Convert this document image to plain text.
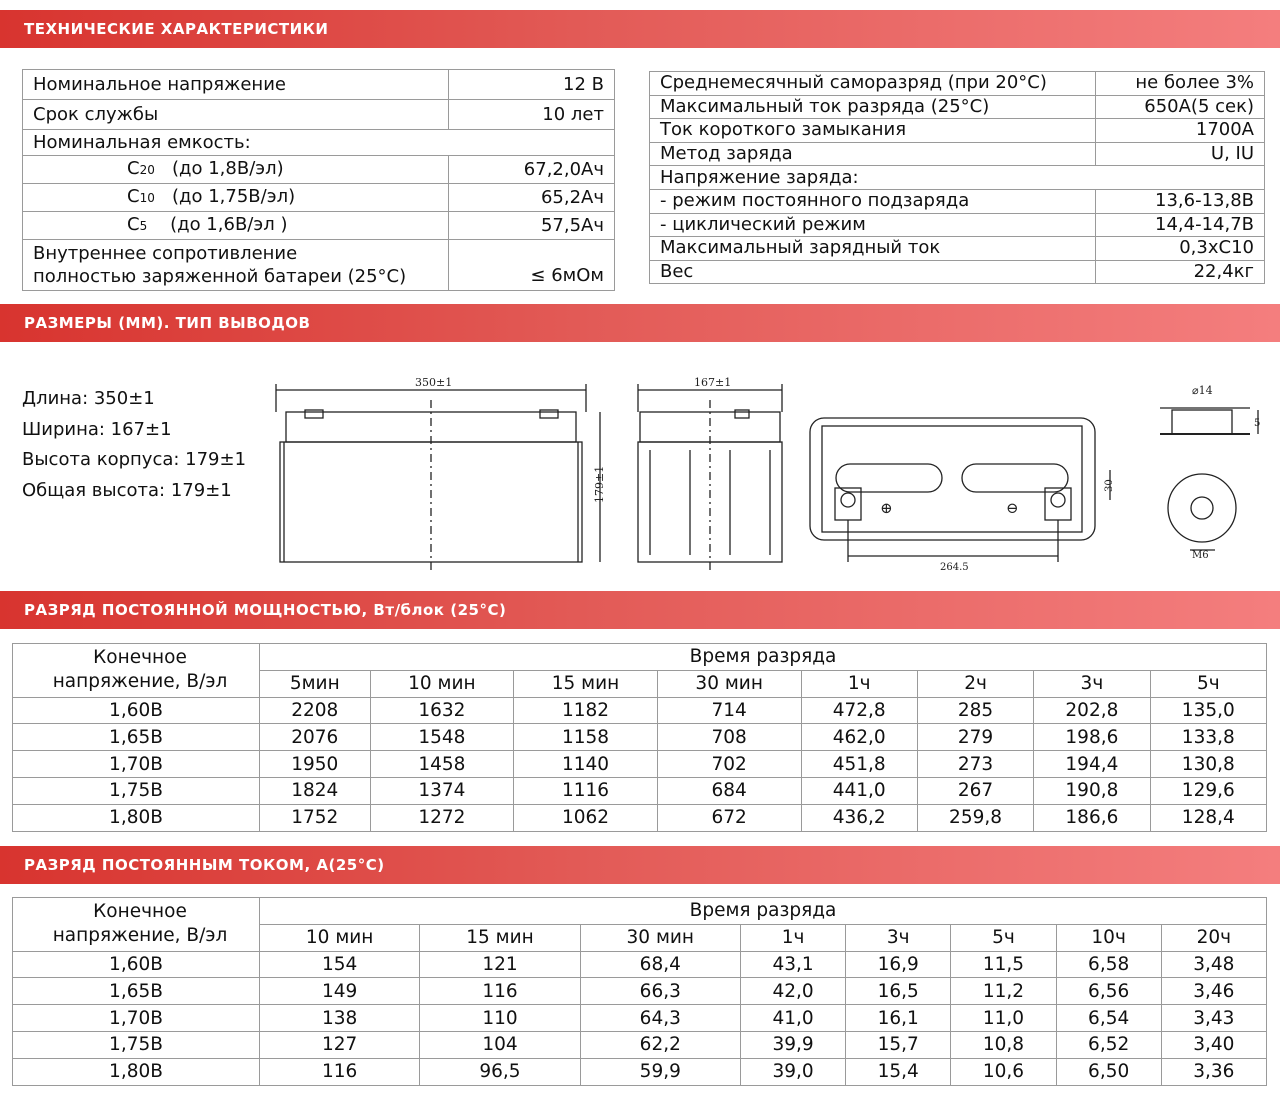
ТЕХНИЧЕСКИЕ ХАРАКТЕРИСТИКИ
Номинальное напряжение	12 В
Срок службы	10 лет
Номинальная емкость:	
C20 (до 1,8В/эл)	67,2,0Ач
C10 (до 1,75В/эл)	65,2Ач
C5 (до 1,6В/эл )	57,5Ач
Внутреннее сопротивление
полностью заряженной батареи (25°С)	≤ 6мОм
Среднемесячный саморазряд (при 20°С)	не более 3%
Максимальный ток разряда (25°С)	650А(5 сек)
Ток короткого замыкания	1700А
Метод заряда	U, IU
Напряжение заряда:	
- режим постоянного подзаряда	13,6-13,8В
- циклический режим	14,4-14,7В
Максимальный зарядный ток	0,3хC10
Вес	22,4кг
РАЗМЕРЫ (ММ). ТИП ВЫВОДОВ
Длина: 350±1
Ширина: 167±1
Высота корпуса: 179±1
Общая высота: 179±1
350±1
179±1
167±1
⊕	⊖
264.5
30
⌀14
5
M6
РАЗРЯД ПОСТОЯННОЙ МОЩНОСТЬЮ, Вт/блок (25°С)
Конечное
напряжение, В/эл	Время разряда							
	5мин	10 мин	15 мин	30 мин	1ч	2ч	3ч	5ч
1,60В	2208	1632	1182	714	472,8	285	202,8	135,0
1,65В	2076	1548	1158	708	462,0	279	198,6	133,8
1,70В	1950	1458	1140	702	451,8	273	194,4	130,8
1,75В	1824	1374	1116	684	441,0	267	190,8	129,6
1,80В	1752	1272	1062	672	436,2	259,8	186,6	128,4
РАЗРЯД ПОСТОЯННЫМ ТОКОМ, А(25°С)
Конечное
напряжение, В/эл	Время разряда							
	10 мин	15 мин	30 мин	1ч	3ч	5ч	10ч	20ч
1,60В	154	121	68,4	43,1	16,9	11,5	6,58	3,48
1,65В	149	116	66,3	42,0	16,5	11,2	6,56	3,46
1,70В	138	110	64,3	41,0	16,1	11,0	6,54	3,43
1,75В	127	104	62,2	39,9	15,7	10,8	6,52	3,40
1,80В	116	96,5	59,9	39,0	15,4	10,6	6,50	3,36
